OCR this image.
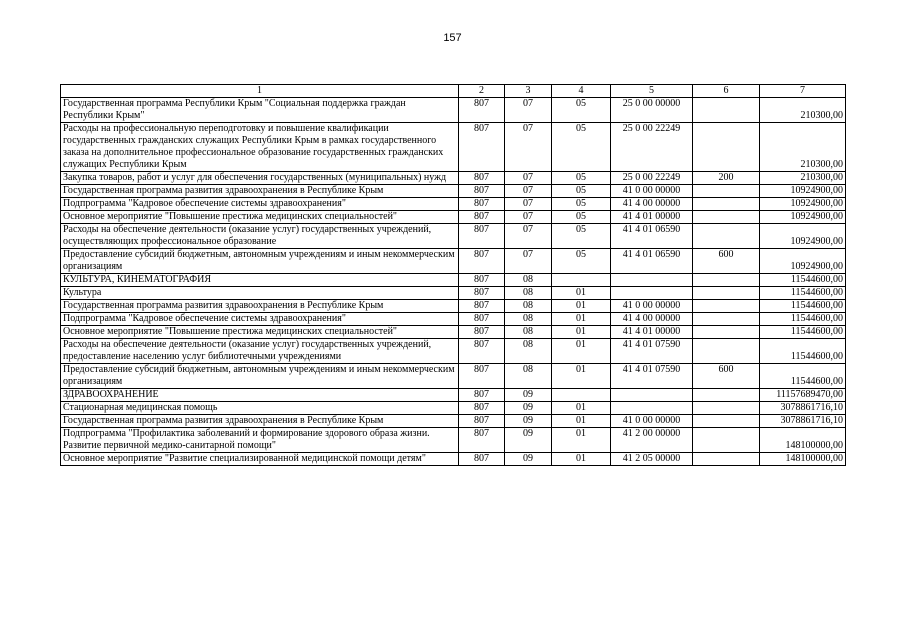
157
1	2	3	4	5	6	7
Государственная программа Республики Крым "Социальная поддержка граждан Республики Крым"	807	07	05	25 0 00 00000		210300,00
Расходы на профессиональную переподготовку и повышение квалификации государственных гражданских служащих Республики Крым в рамках государственного заказа на дополнительное профессиональное образование государственных гражданских служащих Республики Крым	807	07	05	25 0 00 22249		210300,00
Закупка товаров, работ и услуг для обеспечения государственных (муниципальных) нужд	807	07	05	25 0 00 22249	200	210300,00
Государственная программа развития здравоохранения в Республике Крым	807	07	05	41 0 00 00000		10924900,00
Подпрограмма "Кадровое обеспечение системы здравоохранения"	807	07	05	41 4 00 00000		10924900,00
Основное мероприятие "Повышение престижа медицинских специальностей"	807	07	05	41 4 01 00000		10924900,00
Расходы на обеспечение деятельности (оказание услуг) государственных учреждений, осуществляющих профессиональное образование	807	07	05	41 4 01 06590		10924900,00
Предоставление субсидий бюджетным, автономным учреждениям и иным некоммерческим организациям	807	07	05	41 4 01 06590	600	10924900,00
КУЛЬТУРА, КИНЕМАТОГРАФИЯ	807	08				11544600,00
Культура	807	08	01			11544600,00
Государственная программа развития здравоохранения в Республике Крым	807	08	01	41 0 00 00000		11544600,00
Подпрограмма "Кадровое обеспечение системы здравоохранения"	807	08	01	41 4 00 00000		11544600,00
Основное мероприятие "Повышение престижа медицинских специальностей"	807	08	01	41 4 01 00000		11544600,00
Расходы на обеспечение деятельности (оказание услуг) государственных учреждений, предоставление населению услуг библиотечными учреждениями	807	08	01	41 4 01 07590		11544600,00
Предоставление субсидий бюджетным, автономным учреждениям и иным некоммерческим организациям	807	08	01	41 4 01 07590	600	11544600,00
ЗДРАВООХРАНЕНИЕ	807	09				11157689470,00
Стационарная медицинская помощь	807	09	01			3078861716,10
Государственная программа развития здравоохранения в Республике Крым	807	09	01	41 0 00 00000		3078861716,10
Подпрограмма "Профилактика заболеваний и формирование здорового образа жизни. Развитие первичной медико-санитарной помощи"	807	09	01	41 2 00 00000		148100000,00
Основное мероприятие "Развитие специализированной медицинской помощи детям"	807	09	01	41 2 05 00000		148100000,00
